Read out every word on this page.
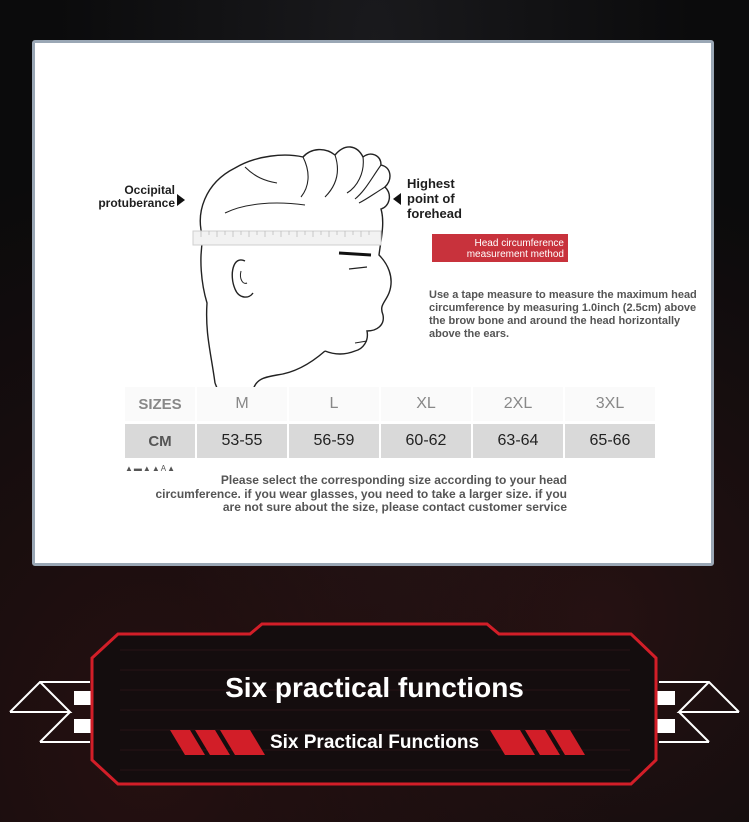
Occipital protuberance
Highest point of forehead
Head circumference measurement method
Use a tape measure to measure the maximum head circumference by measuring 1.0inch (2.5cm) above the brow bone and around the head horizontally above the ears.
SIZES	M	L	XL	2XL	3XL
CM	53-55	56-59	60-62	63-64	65-66
▲▬▲▲A▲
Please select the corresponding size according to your head circumference. if you wear glasses, you need to take a larger size. if you are not sure about the size, please contact customer service
Six practical functions
Six Practical Functions
